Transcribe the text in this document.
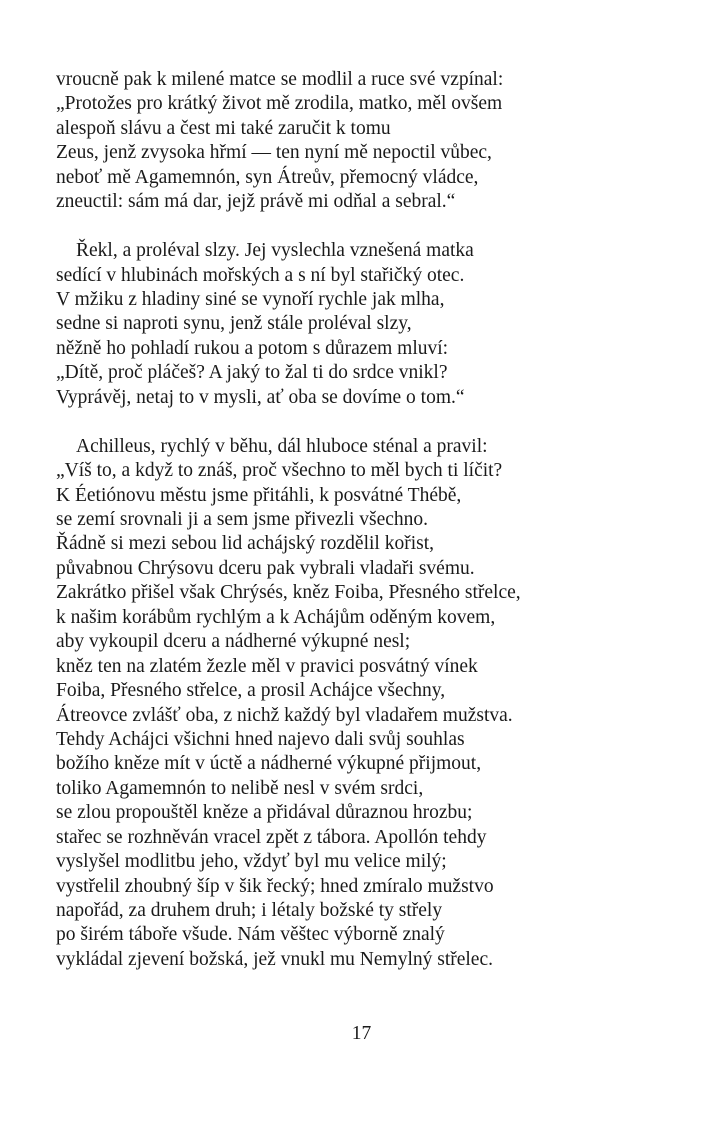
vroucně pak k milené matce se modlil a ruce své vzpínal:
„Protožes pro krátký život mě zrodila, matko, měl ovšem
alespoň slávu a čest mi také zaručit k tomu
Zeus, jenž zvysoka hřmí — ten nyní mě nepoctil vůbec,
neboť mě Agamemnón, syn Átreův, přemocný vládce,
zneuctil: sám má dar, jejž právě mi odňal a sebral.“
Řekl, a proléval slzy. Jej vyslechla vznešená matka
sedící v hlubinách mořských a s ní byl stařičký otec.
V mžiku z hladiny siné se vynoří rychle jak mlha,
sedne si naproti synu, jenž stále proléval slzy,
něžně ho pohladí rukou a potom s důrazem mluví:
„Dítě, proč pláčeš? A jaký to žal ti do srdce vnikl?
Vyprávěj, netaj to v mysli, ať oba se dovíme o tom.“
Achilleus, rychlý v běhu, dál hluboce sténal a pravil:
„Víš to, a když to znáš, proč všechno to měl bych ti líčit?
K Éetiónovu městu jsme přitáhli, k posvátné Thébě,
se zemí srovnali ji a sem jsme přivezli všechno.
Řádně si mezi sebou lid achájský rozdělil kořist,
půvabnou Chrýsovu dceru pak vybrali vladaři svému.
Zakrátko přišel však Chrýsés, kněz Foiba, Přesného střelce,
k našim korábům rychlým a k Achájům oděným kovem,
aby vykoupil dceru a nádherné výkupné nesl;
kněz ten na zlatém žezle měl v pravici posvátný vínek
Foiba, Přesného střelce, a prosil Achájce všechny,
Átreovce zvlášť oba, z nichž každý byl vladařem mužstva.
Tehdy Achájci všichni hned najevo dali svůj souhlas
božího kněze mít v úctě a nádherné výkupné přijmout,
toliko Agamemnón to nelibě nesl v svém srdci,
se zlou propouštěl kněze a přidával důraznou hrozbu;
stařec se rozhněván vracel zpět z tábora. Apollón tehdy
vyslyšel modlitbu jeho, vždyť byl mu velice milý;
vystřelil zhoubný šíp v šik řecký; hned zmíralo mužstvo
napořád, za druhem druh; i létaly božské ty střely
po širém táboře všude. Nám věštec výborně znalý
vykládal zjevení božská, jež vnukl mu Nemylný střelec.
17
